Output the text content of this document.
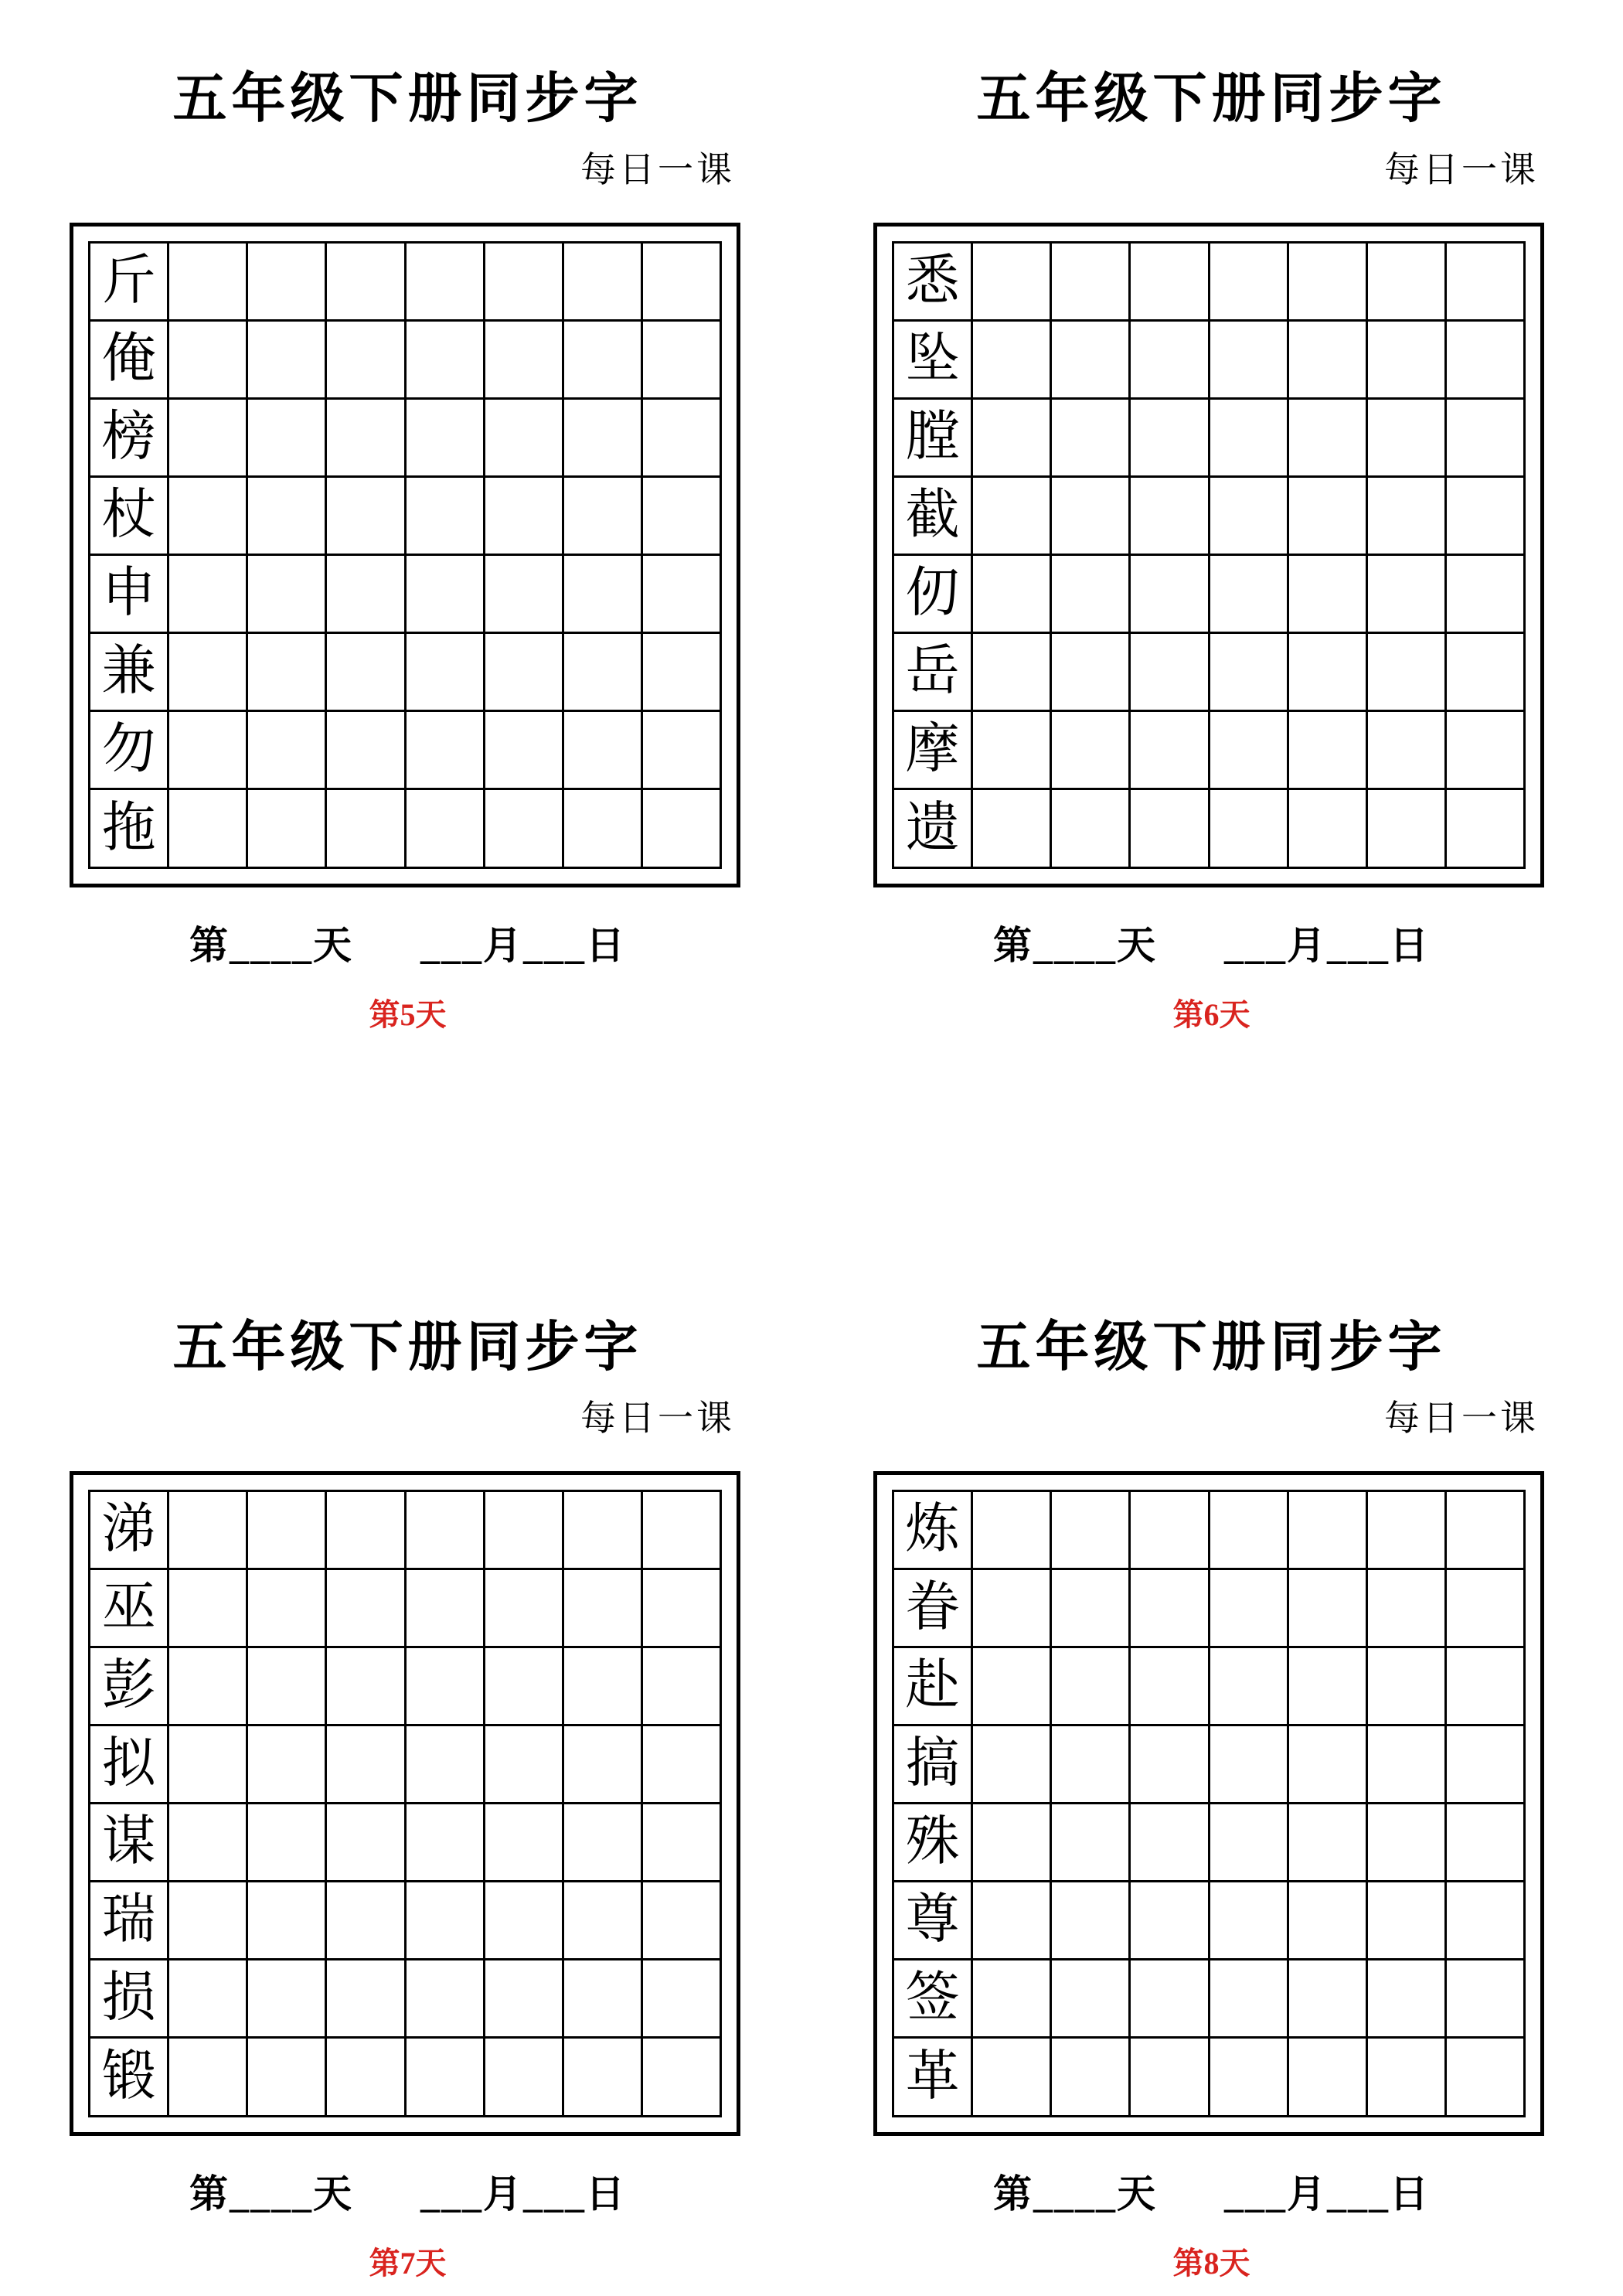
五年级下册同步字
每日一课
斤							
俺							
榜							
杖							
申							
兼							
勿							
拖							
第____天      ___月___日
第5天
五年级下册同步字
每日一课
悉							
坠							
膛							
截							
仞							
岳							
摩							
遗							
第____天      ___月___日
第6天
五年级下册同步字
每日一课
涕							
巫							
彭							
拟							
谋							
瑞							
损							
锻							
第____天      ___月___日
第7天
五年级下册同步字
每日一课
炼							
眷							
赴							
搞							
殊							
尊							
签							
革							
第____天      ___月___日
第8天
